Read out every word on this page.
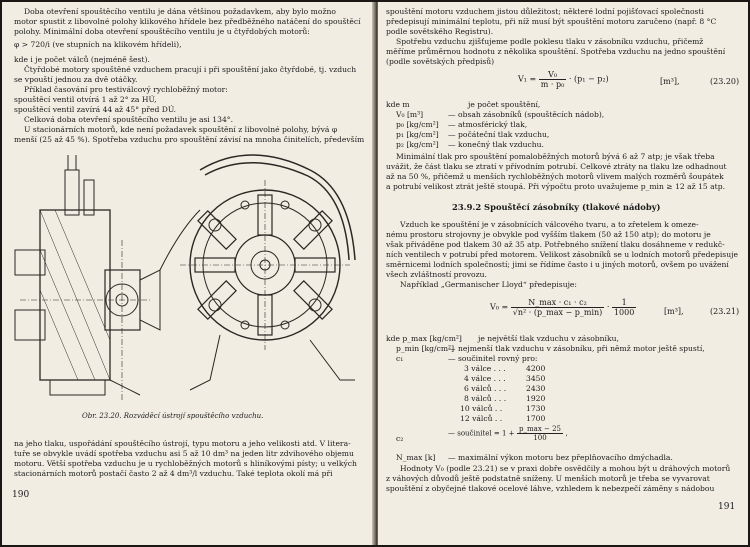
Doba otevření spouštěcího ventilu je dána většinou požadavkem, aby bylo možno
motor spustit z libovolné polohy klikového hřídele bez předběžného natáčení do spouštěcí
polohy. Minimální doba otevření spouštěcího ventilu je u čtyřdobých motorů:
φ > 720/i (ve stupních na klikovém hřídeli),
kde i je počet válců (nejméně šest).
Čtyřdobé motory spouštěné vzduchem pracují i při spouštění jako čtyřdobé, tj. vzduch
se vpouští jednou za dvě otáčky.
Příklad časování pro testiválcový rychloběžný motor:
spouštěcí ventil otvírá 1 až 2° za HÚ,
spouštěcí ventil zavírá 44 až 45° před DÚ.
Celková doba otevření spouštěcího ventilu je asi 134°.
U stacionárních motorů, kde není požadavek spouštění z libovolné polohy, bývá φ
menší (25 až 45 %). Spotřeba vzduchu pro spouštění závisí na mnoha činitelích, především
Obr. 23.20. Rozváděcí ústrojí spouštěcího vzduchu.
na jeho tlaku, uspořádání spouštěcího ústrojí, typu motoru a jeho velikosti atd. V litera-
tuře se obvykle uvádí spotřeba vzduchu asi 5 až 10 dm³ na jeden litr zdvihového objemu
motoru. Větší spotřeba vzduchu je u rychloběžných motorů s hliníkovými písty; u velkých
stacionárních motorů postačí často 2 až 4 dm³/l vzduchu. Také teplota okolí má při
190
spouštění motoru vzduchem jistou důležitost; některé lodní pojišťovací společnosti
předepisují minimální teplotu, při níž musí být spouštění motoru zaručeno (např. 8 °C
podle sovětského Registru).
Spotřebu vzduchu zjišťujeme podle poklesu tlaku v zásobníku vzduchu, přičemž
měříme průměrnou hodnotu z několika spouštění. Spotřeba vzduchu na jedno spouštění
(podle sovětských předpisů)
$V_1 = \frac{\text{V₀}}{\text{m · p₀}} \cdot (p_1 - p_2)$	[m³],	(23.20)
kde m	je počet spouštění,
V₀ [m³]	— obsah zásobníků (spouštěcích nádob),
p₀ [kg/cm²] — atmosférický tlak,
p₁ [kg/cm²] — počáteční tlak vzduchu,
p₂ [kg/cm²] — konečný tlak vzduchu.
Minimální tlak pro spouštění pomaloběžných motorů bývá 6 až 7 atp; je však třeba
uvážit, že část tlaku se ztratí v přívodním potrubí. Celkové ztráty na tlaku lze odhadnout
až na 50 %, přičemž u menších rychloběžných motorů vlivem malých rozměrů šoupátek
a potrubí velikost ztrát ještě stoupá. Při výpočtu proto uvažujeme p_min ≥ 12 až 15 atp.
23.9.2 Spouštěcí zásobníky (tlakové nádoby)
Vzduch ke spouštění je v zásobnících válcového tvaru, a to zřetelem k omeze-
nému prostoru strojovny je obvykle pod vyšším tlakem (50 až 150 atp); do motoru je
však přiváděne pod tlakem 30 až 35 atp. Potřebného snížení tlaku dosáhneme v redukč-
ních ventilech v potrubí před motorem. Velikost zásobníků se u lodních motorů předepisuje
směrnicemi lodních společností; jimi se řídíme často i u jiných motorů, ovšem po uvážení
všech zvláštností provozu.
Například „Germanischer Lloyd“ předepisuje:
$V_0 = \frac{\text{N\_max · c₁ · c₂}}{\text{√n² · (p\_max − p\_min)}} \cdot \frac{1}{1000}$	[m³],	(23.21)
kde p_max [kg/cm²] je největší tlak vzduchu v zásobníku,
p_min [kg/cm²]
— nejmenší tlak vzduchu v zásobníku, při němž motor ještě spustí,
c₁	— součinitel rovný pro:
3 válce . . .	4200
4 válce . . .	3450
6 válců . . .	2430
8 válců . . .	1920
10 válců . .	1730
12 válců . .	1700
c₂
— součinitel = $1 + \frac{p\_\max - 25}{100}$ ,
N_max [k] — maximální výkon motoru bez přeplňovacího dmýchadla.
Hodnoty V₀ (podle 23.21) se v praxi dobře osvědčily a mohou být u dráhových motorů
z váhových důvodů ještě podstatně sníženy. U menších motorů je třeba se vyvarovat
spouštění z obyčejné tlakové ocelové láhve, vzhledem k nebezpečí záměny s nádobou
191
